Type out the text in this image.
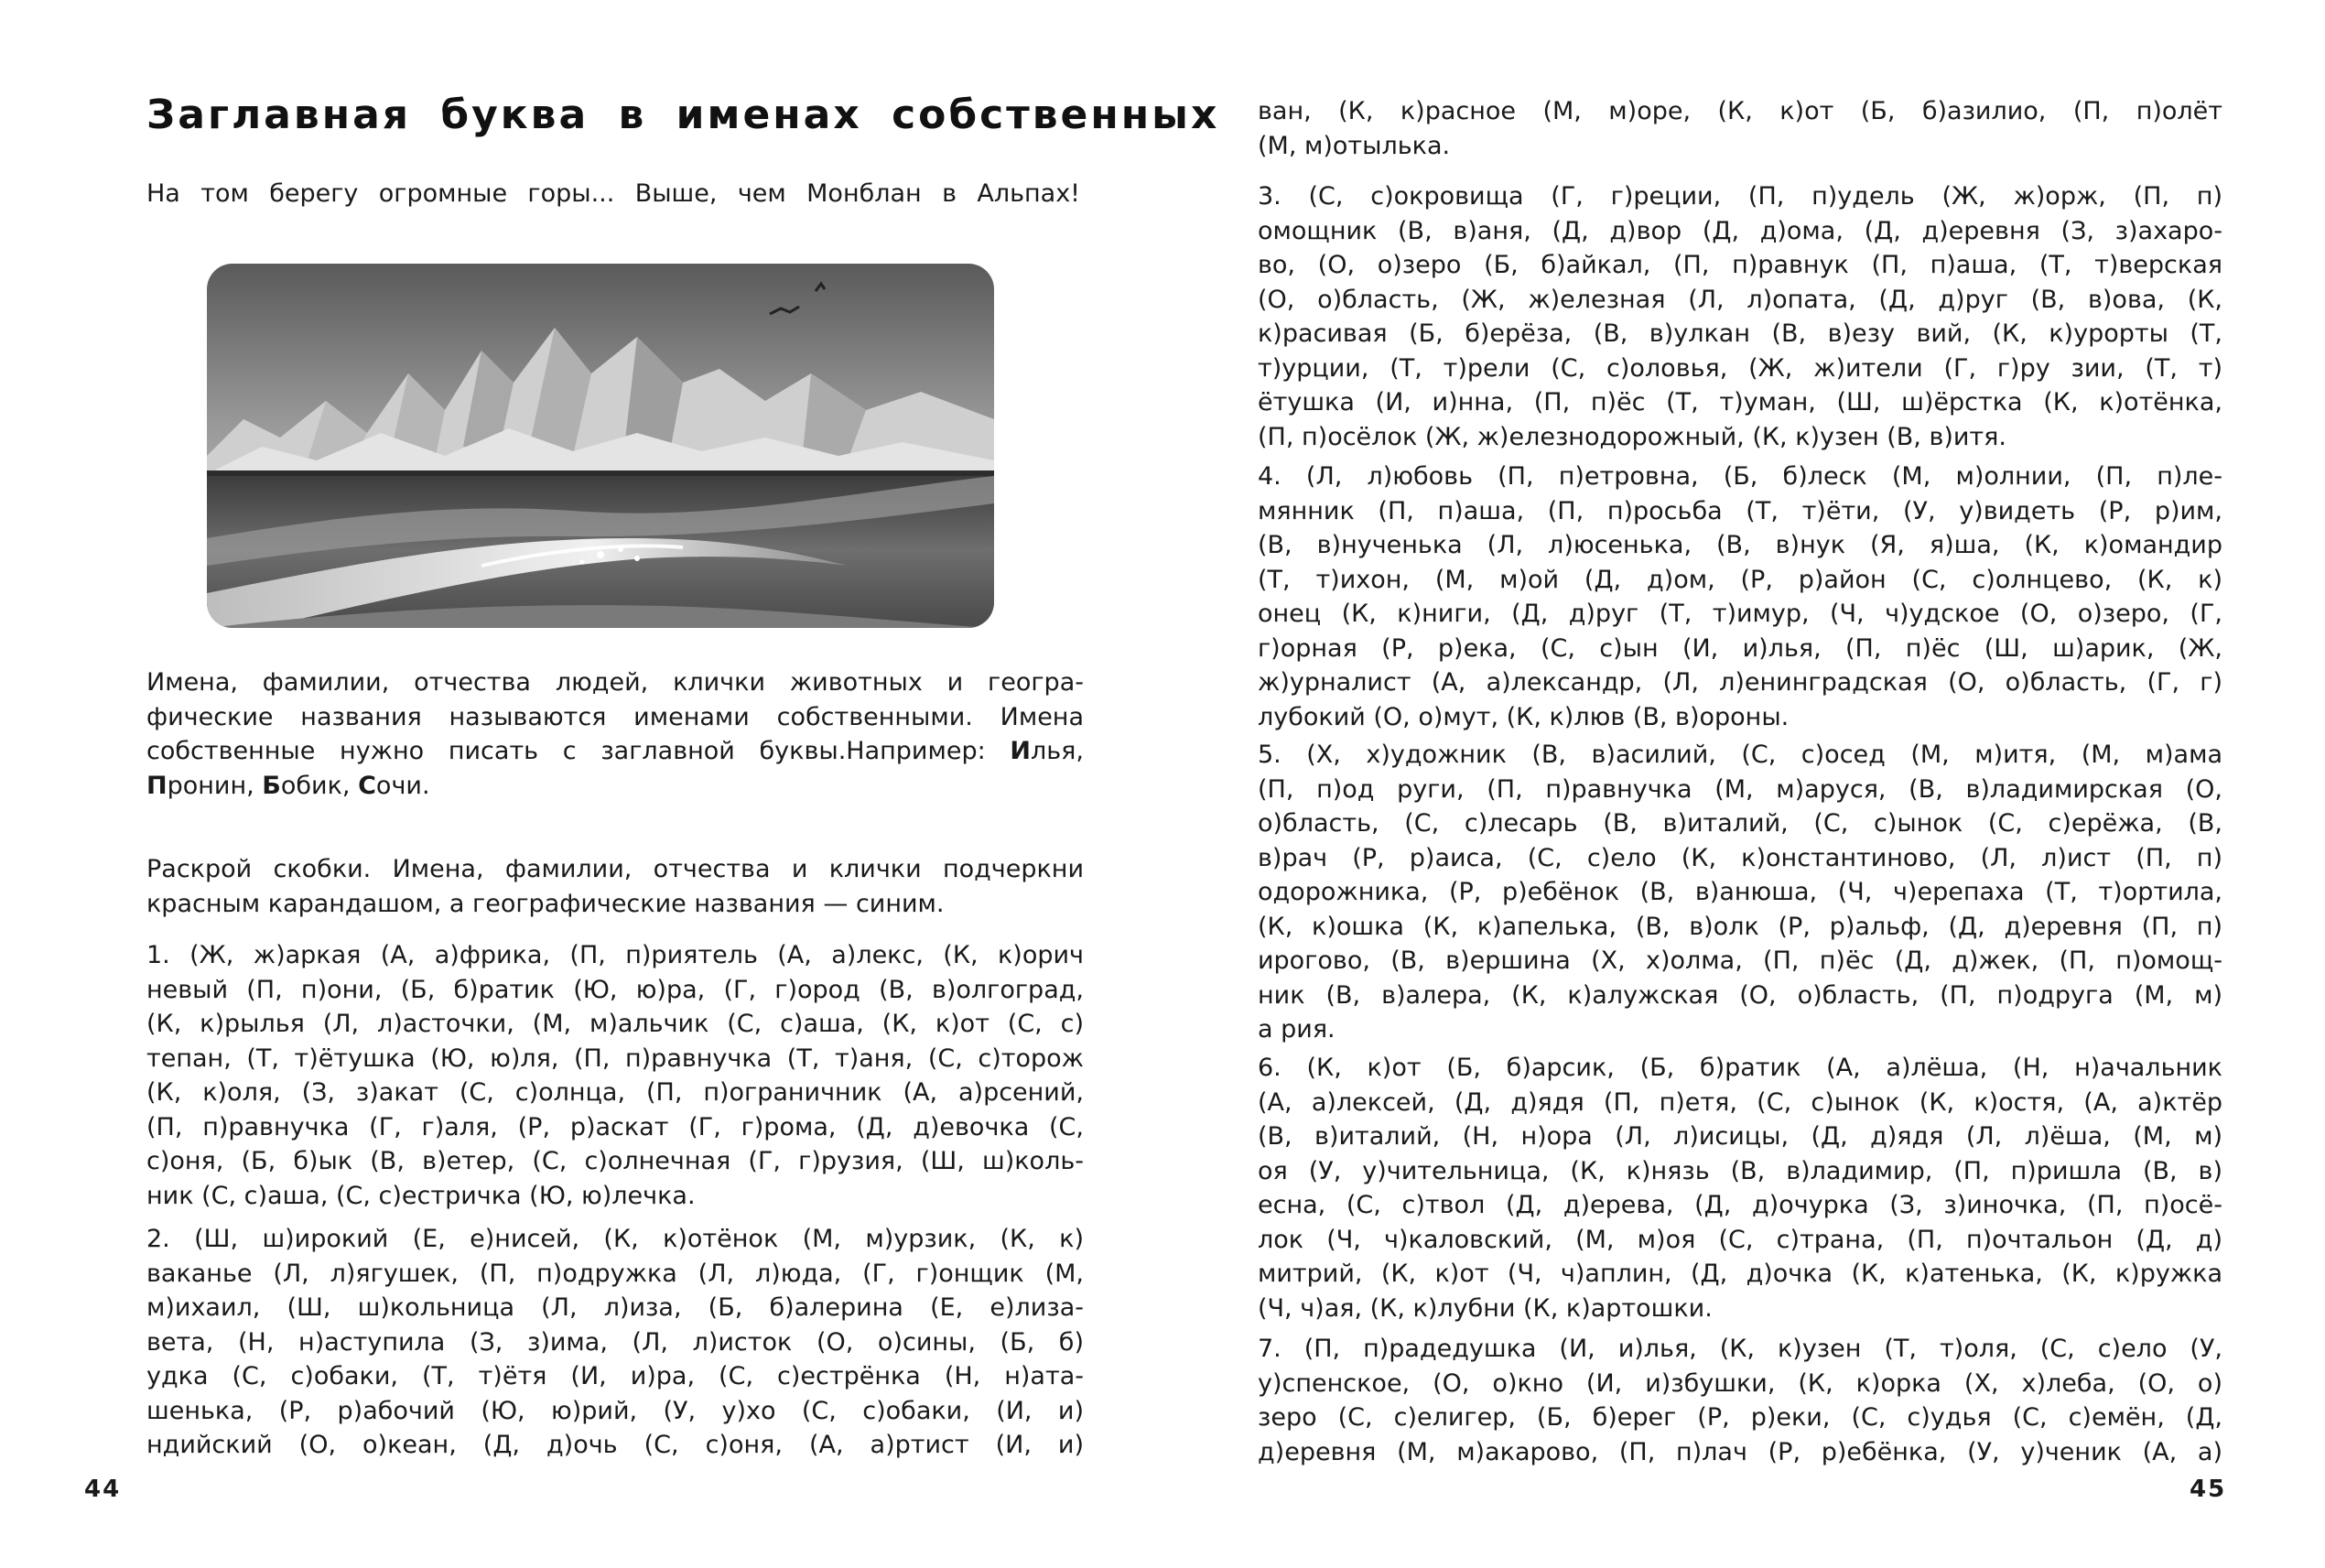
Заглавная буква в именах собственных
На том берегу огромные горы... Выше, чем Монблан в Альпах!
Имена, фамилии, отчества людей, клички животных и геогра-
фические названия называются именами собственными. Имена
собственные нужно писать с заглавной буквы.Например: Илья,
Пронин, Бобик, Сочи.
Раскрой скобки. Имена, фамилии, отчества и клички подчеркни
красным карандашом, а географические названия — синим.
1. (Ж, ж)аркая (А, а)фрика, (П, п)риятель (А, а)лекс, (К, к)орич
невый (П, п)они, (Б, б)ратик (Ю, ю)ра, (Г, г)ород (В, в)олгоград,
(К, к)рылья (Л, л)асточки, (М, м)альчик (С, с)аша, (К, к)от (С, с)
тепан, (Т, т)ётушка (Ю, ю)ля, (П, п)равнучка (Т, т)аня, (С, с)торож
(К, к)оля, (З, з)акат (С, с)олнца, (П, п)ограничник (А, а)рсений,
(П, п)равнучка (Г, г)аля, (Р, р)аскат (Г, г)рома, (Д, д)евочка (С,
с)оня, (Б, б)ык (В, в)етер, (С, с)олнечная (Г, г)рузия, (Ш, ш)коль-
ник (С, с)аша, (С, с)естричка (Ю, ю)лечка.
2. (Ш, ш)ирокий (Е, е)нисей, (К, к)отёнок (М, м)урзик, (К, к)
ваканье (Л, л)ягушек, (П, п)одружка (Л, л)юда, (Г, г)онщик (М,
м)ихаил, (Ш, ш)кольница (Л, л)иза, (Б, б)алерина (Е, е)лиза-
вета, (Н, н)аступила (З, з)има, (Л, л)исток (О, о)сины, (Б, б)
удка (С, с)обаки, (Т, т)ётя (И, и)ра, (С, с)естрёнка (Н, н)ата-
шенька, (Р, р)абочий (Ю, ю)рий, (У, у)хо (С, с)обаки, (И, и)
ндийский (О, о)кеан, (Д, д)очь (С, с)оня, (А, а)ртист (И, и)
44
ван, (К, к)расное (М, м)оре, (К, к)от (Б, б)азилио, (П, п)олёт
(М, м)отылька.
3. (С, с)окровища (Г, г)реции, (П, п)удель (Ж, ж)орж, (П, п)
омощник (В, в)аня, (Д, д)вор (Д, д)ома, (Д, д)еревня (З, з)ахаро-
во, (О, о)зеро (Б, б)айкал, (П, п)равнук (П, п)аша, (Т, т)верская
(О, о)бласть, (Ж, ж)елезная (Л, л)опата, (Д, д)руг (В, в)ова, (К,
к)расивая (Б, б)ерёза, (В, в)улкан (В, в)езу вий, (К, к)урорты (Т,
т)урции, (Т, т)рели (С, с)оловья, (Ж, ж)ители (Г, г)ру зии, (Т, т)
ётушка (И, и)нна, (П, п)ёс (Т, т)уман, (Ш, ш)ёрстка (К, к)отёнка,
(П, п)осёлок (Ж, ж)елезнодорожный, (К, к)узен (В, в)итя.
4. (Л, л)юбовь (П, п)етровна, (Б, б)леск (М, м)олнии, (П, п)ле-
мянник (П, п)аша, (П, п)росьба (Т, т)ёти, (У, у)видеть (Р, р)им,
(В, в)нученька (Л, л)юсенька, (В, в)нук (Я, я)ша, (К, к)омандир
(Т, т)ихон, (М, м)ой (Д, д)ом, (Р, р)айон (С, с)олнцево, (К, к)
онец (К, к)ниги, (Д, д)руг (Т, т)имур, (Ч, ч)удское (О, о)зеро, (Г,
г)орная (Р, р)ека, (С, с)ын (И, и)лья, (П, п)ёс (Ш, ш)арик, (Ж,
ж)урналист (А, а)лександр, (Л, л)енинградская (О, о)бласть, (Г, г)
лубокий (О, о)мут, (К, к)люв (В, в)ороны.
5. (Х, х)удожник (В, в)асилий, (С, с)осед (М, м)итя, (М, м)ама
(П, п)од руги, (П, п)равнучка (М, м)аруся, (В, в)ладимирская (О,
о)бласть, (С, с)лесарь (В, в)италий, (С, с)ынок (С, с)ерёжа, (В,
в)рач (Р, р)аиса, (С, с)ело (К, к)онстантиново, (Л, л)ист (П, п)
одорожника, (Р, р)ебёнок (В, в)анюша, (Ч, ч)ерепаха (Т, т)ортила,
(К, к)ошка (К, к)апелька, (В, в)олк (Р, р)альф, (Д, д)еревня (П, п)
ирогово, (В, в)ершина (Х, х)олма, (П, п)ёс (Д, д)жек, (П, п)омощ-
ник (В, в)алера, (К, к)алужская (О, о)бласть, (П, п)одруга (М, м)
а рия.
6. (К, к)от (Б, б)арсик, (Б, б)ратик (А, а)лёша, (Н, н)ачальник
(А, а)лексей, (Д, д)ядя (П, п)етя, (С, с)ынок (К, к)остя, (А, а)ктёр
(В, в)италий, (Н, н)ора (Л, л)исицы, (Д, д)ядя (Л, л)ёша, (М, м)
оя (У, у)чительница, (К, к)нязь (В, в)ладимир, (П, п)ришла (В, в)
есна, (С, с)твол (Д, д)ерева, (Д, д)очурка (З, з)иночка, (П, п)осё-
лок (Ч, ч)каловский, (М, м)оя (С, с)трана, (П, п)очтальон (Д, д)
митрий, (К, к)от (Ч, ч)аплин, (Д, д)очка (К, к)атенька, (К, к)ружка
(Ч, ч)ая, (К, к)лубни (К, к)артошки.
7. (П, п)радедушка (И, и)лья, (К, к)узен (Т, т)оля, (С, с)ело (У,
у)спенское, (О, о)кно (И, и)збушки, (К, к)орка (Х, х)леба, (О, о)
зеро (С, с)елигер, (Б, б)ерег (Р, р)еки, (С, с)удья (С, с)емён, (Д,
д)еревня (М, м)акарово, (П, п)лач (Р, р)ебёнка, (У, у)ченик (А, а)
45
